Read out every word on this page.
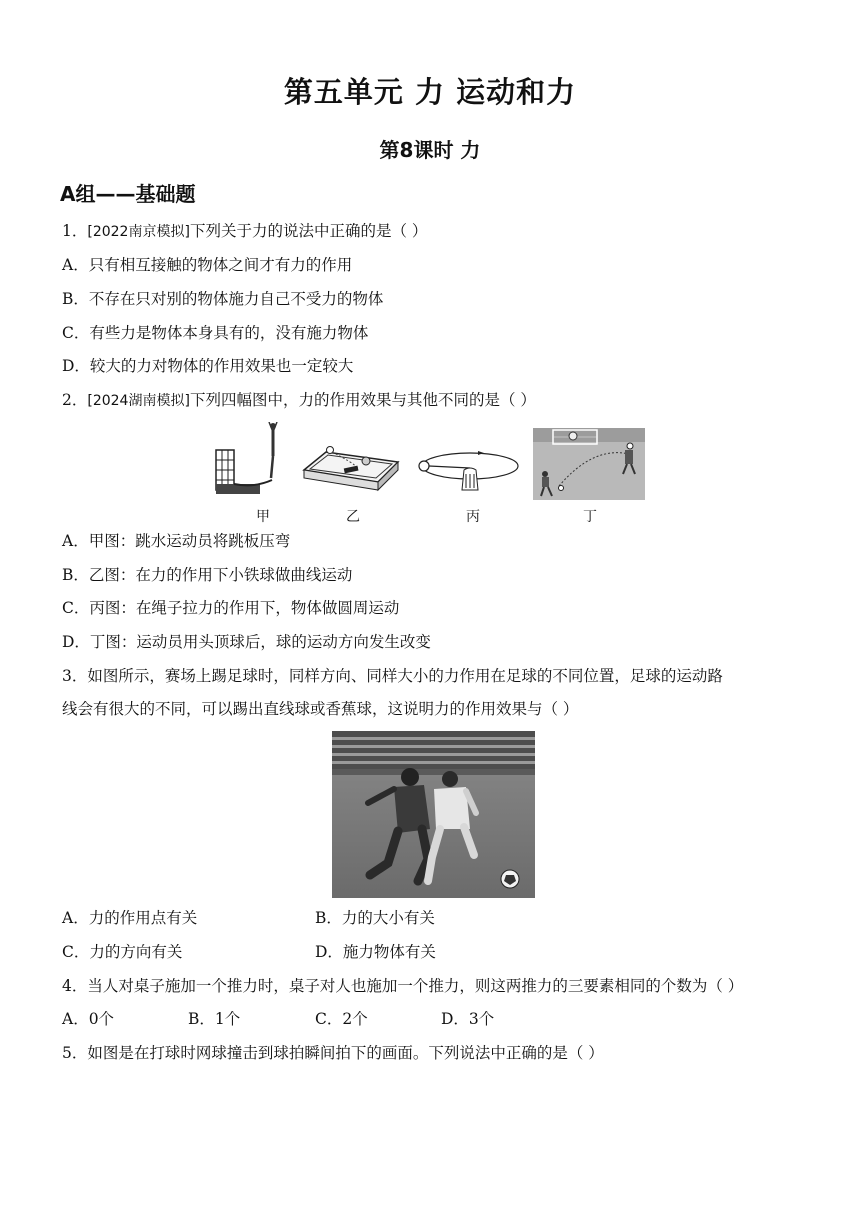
第五单元 力 运动和力
第8课时 力
A组——基础题
1．[2022南京模拟]下列关于力的说法中正确的是（ ）
A．只有相互接触的物体之间才有力的作用
B．不存在只对别的物体施力自己不受力的物体
C．有些力是物体本身具有的，没有施力物体
D．较大的力对物体的作用效果也一定较大
2．[2024湖南模拟]下列四幅图中，力的作用效果与其他不同的是（ ）
甲	乙	丙	丁
A．甲图：跳水运动员将跳板压弯
B．乙图：在力的作用下小铁球做曲线运动
C．丙图：在绳子拉力的作用下，物体做圆周运动
D．丁图：运动员用头顶球后，球的运动方向发生改变
3．如图所示，赛场上踢足球时，同样方向、同样大小的力作用在足球的不同位置，足球的运动路
线会有很大的不同，可以踢出直线球或香蕉球，这说明力的作用效果与（ ）
A．力的作用点有关	B．力的大小有关
C．力的方向有关	D．施力物体有关
4．当人对桌子施加一个推力时，桌子对人也施加一个推力，则这两推力的三要素相同的个数为（ ）
A．0个	B．1个	C．2个	D．3个
5．如图是在打球时网球撞击到球拍瞬间拍下的画面。下列说法中正确的是（ ）
